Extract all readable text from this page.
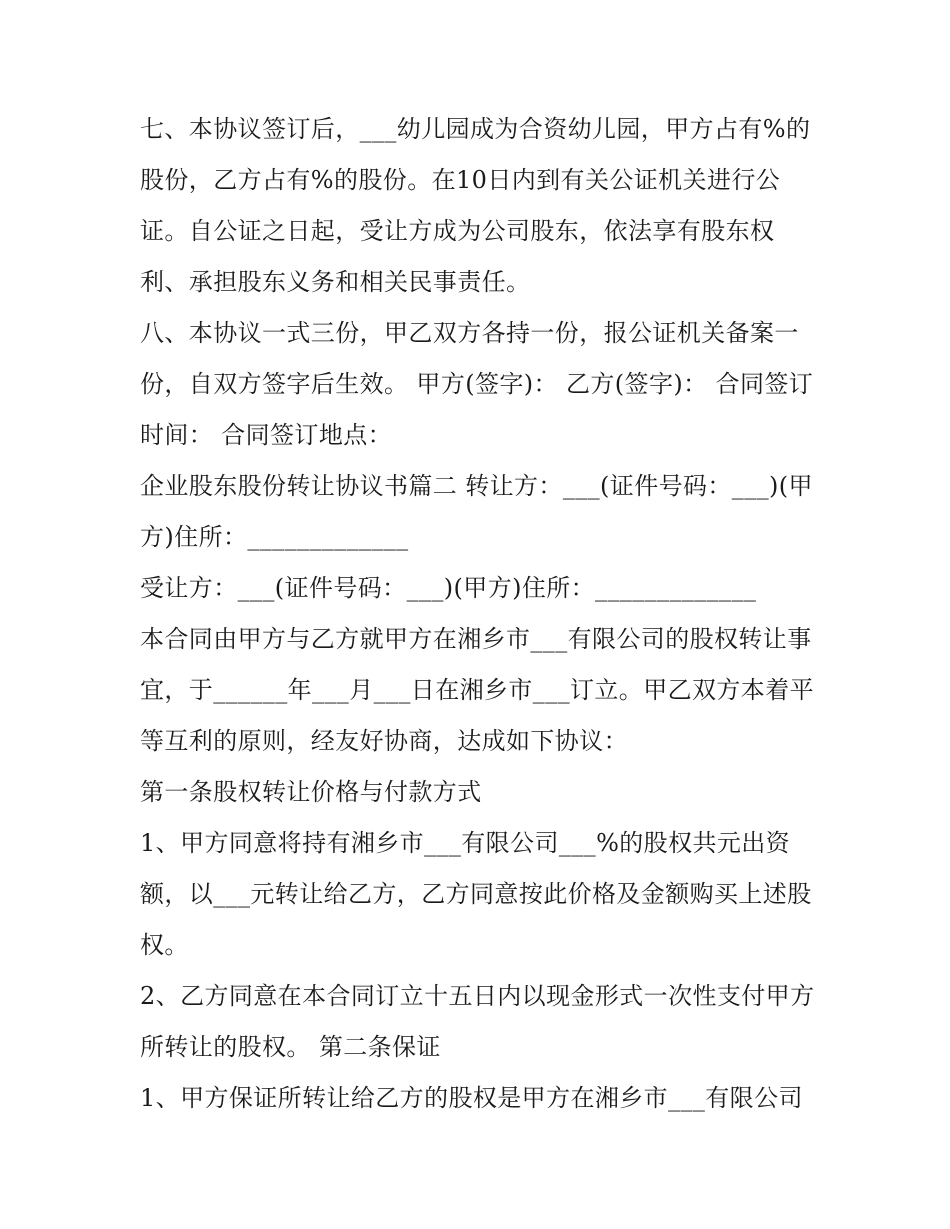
七、本协议签订后，___幼儿园成为合资幼儿园，甲方占有%的股份，乙方占有%的股份。在10日内到有关公证机关进行公证。自公证之日起，受让方成为公司股东，依法享有股东权利、承担股东义务和相关民事责任。

八、本协议一式三份，甲乙双方各持一份，报公证机关备案一份，自双方签字后生效。 甲方(签字)： 乙方(签字)： 合同签订时间： 合同签订地点：

企业股东股份转让协议书篇二 转让方：___(证件号码：___)(甲方)住所：_____________

受让方：___(证件号码：___)(甲方)住所：_____________

本合同由甲方与乙方就甲方在湘乡市___有限公司的股权转让事宜，于______年___月___日在湘乡市___订立。甲乙双方本着平等互利的原则，经友好协商，达成如下协议：

第一条股权转让价格与付款方式

1、甲方同意将持有湘乡市___有限公司___%的股权共元出资额，以___元转让给乙方，乙方同意按此价格及金额购买上述股权。

2、乙方同意在本合同订立十五日内以现金形式一次性支付甲方所转让的股权。 第二条保证

1、甲方保证所转让给乙方的股权是甲方在湘乡市___有限公司
